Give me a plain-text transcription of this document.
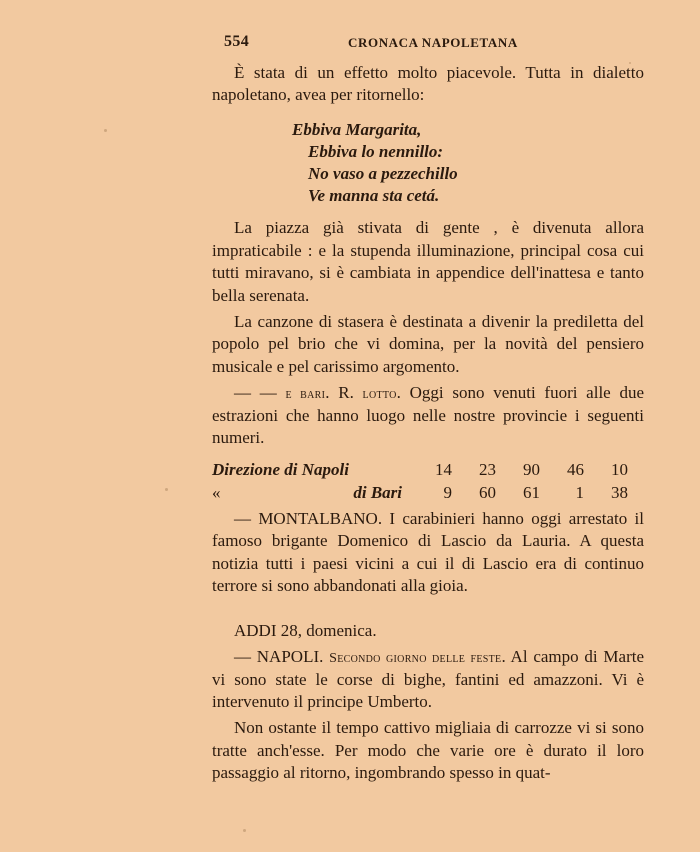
554	CRONACA NAPOLETANA

È stata di un effetto molto piacevole. Tutta in dialetto napoletano, avea per ritornello:

Ebbiva Margarita,
Ebbiva lo nennillo:
No vaso a pezzechillo
Ve manna sta cetá.

La piazza già stivata di gente , è divenuta allora impraticabile : e la stupenda illuminazione, principal cosa cui tutti miravano, si è cambiata in appendice dell'inattesa e tanto bella serenata.

La canzone di stasera è destinata a divenir la prediletta del popolo pel brio che vi domina, per la novità del pensiero musicale e pel carissimo argomento.

— — e bari. R. lotto. Oggi sono venuti fuori alle due estrazioni che hanno luogo nelle nostre provincie i seguenti numeri.

Direzione di Napoli	14	23	90	46	10
«	di Bari	9	60	61	1	38

— MONTALBANO. I carabinieri hanno oggi arrestato il famoso brigante Domenico di Lascio da Lauria. A questa notizia tutti i paesi vicini a cui il di Lascio era di continuo terrore si sono abbandonati alla gioia.

ADDI 28, domenica.

— NAPOLI. Secondo giorno delle feste. Al campo di Marte vi sono state le corse di bighe, fantini ed amazzoni. Vi è intervenuto il principe Umberto.

Non ostante il tempo cattivo migliaia di carrozze vi si sono tratte anch'esse. Per modo che varie ore è durato il loro passaggio al ritorno, ingombrando spesso in quat-
